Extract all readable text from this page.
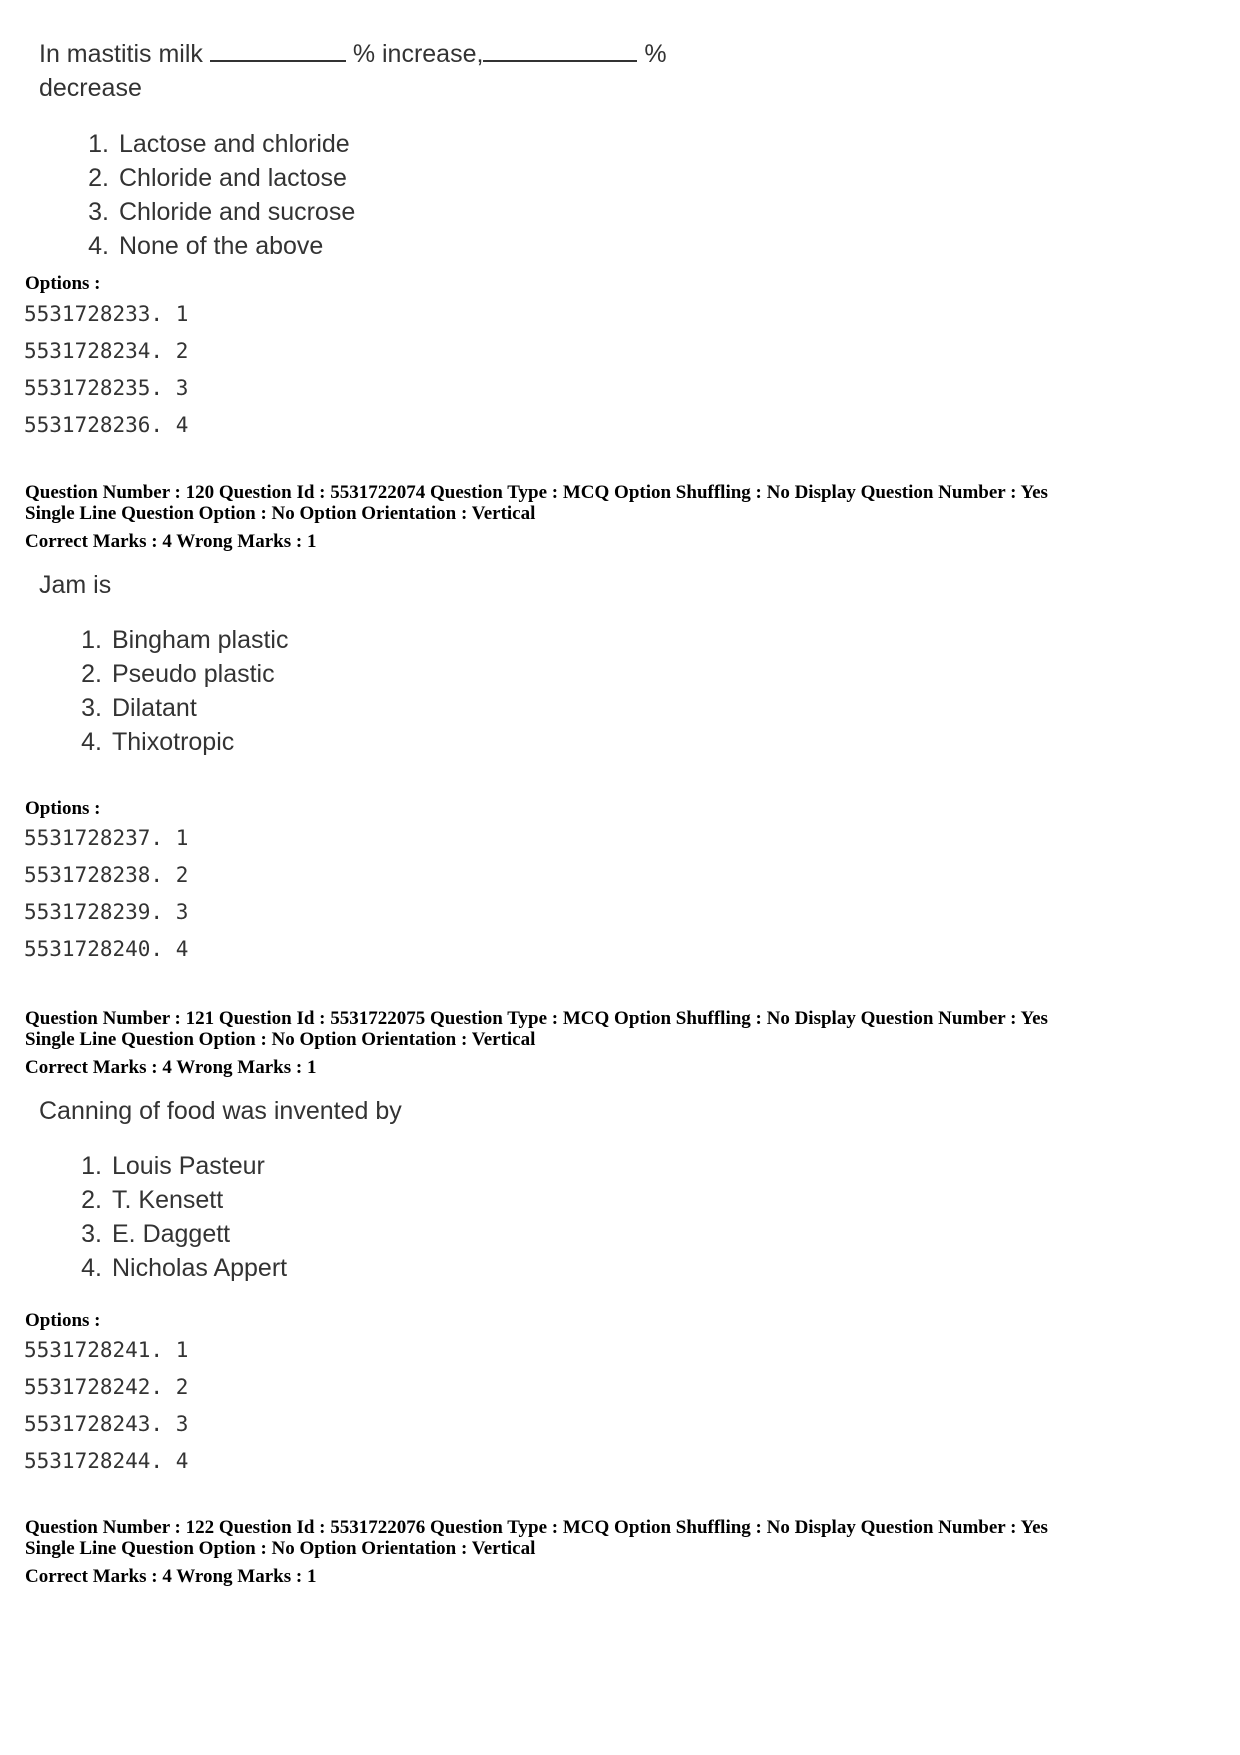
In mastitis milk	% increase,	%
decrease
1. Lactose and chloride
2. Chloride and lactose
3. Chloride and sucrose
4. None of the above
Options :
5531728233. 1
5531728234. 2
5531728235. 3
5531728236. 4
Question Number : 120 Question Id : 5531722074 Question Type : MCQ Option Shuffling : No Display Question Number : Yes
Single Line Question Option : No Option Orientation : Vertical
Correct Marks : 4 Wrong Marks : 1
Jam is
1. Bingham plastic
2. Pseudo plastic
3. Dilatant
4. Thixotropic
Options :
5531728237. 1
5531728238. 2
5531728239. 3
5531728240. 4
Question Number : 121 Question Id : 5531722075 Question Type : MCQ Option Shuffling : No Display Question Number : Yes
Single Line Question Option : No Option Orientation : Vertical
Correct Marks : 4 Wrong Marks : 1
Canning of food was invented by
1. Louis Pasteur
2. T. Kensett
3. E. Daggett
4. Nicholas Appert
Options :
5531728241. 1
5531728242. 2
5531728243. 3
5531728244. 4
Question Number : 122 Question Id : 5531722076 Question Type : MCQ Option Shuffling : No Display Question Number : Yes
Single Line Question Option : No Option Orientation : Vertical
Correct Marks : 4 Wrong Marks : 1
